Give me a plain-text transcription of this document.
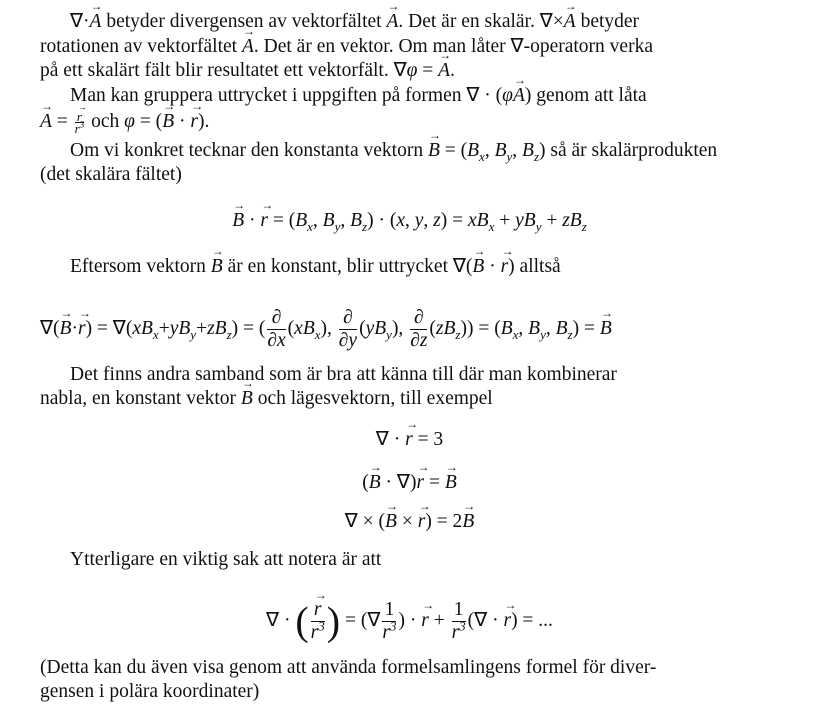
∇·A → betyder divergensen av vektorfältet A →. Det är en skalär. ∇×A → betyder
rotationen av vektorfältet A →. Det är en vektor. Om man låter ∇-operatorn verka
på ett skalärt fält blir resultatet ett vektorfält. ∇φ = A →.
Man kan gruppera uttrycket i uppgiften på formen ∇ · (φA →) genom att låta
A → = $\frac{r \to}{r^3}$ och φ = (B → · r →).
Om vi konkret tecknar den konstanta vektorn B → = ($B_x$, $B_y$, $B_z$) så är skalärprodukten
(det skalära fältet)
B → · r → = ($B_x$, $B_y$, $B_z) \cdot (x$, y, $z) = xB_x + yB_y + zB_z$
Eftersom vektorn B → är en konstant, blir uttrycket ∇(B → · r →) alltså
∇(B →·r →) = $\nabla(xB_x+yB_y+zB_z)$ = ( $\frac{\partial}{\partial x} (xB_x)$, $\frac{\partial}{\partial y} (yB_y)$, $\frac{\partial}{\partial z} (zB_z)) = (B_x$, $B_y$, $B_z) = B$ →
Det finns andra samband som är bra att känna till där man kombinerar
nabla, en konstant vektor B → och lägesvektorn, till exempel
∇ · r → = 3
(B → · ∇)r → = B →
∇ × (B → × r →) = 2B →
Ytterligare en viktig sak att notera är att
∇ · ( $\frac{r \to}{r^3}$ ) = (∇ $\frac{1}{r^3}$ ) · r → + $\frac{1}{r^3}$ (∇ · r →) = ...
(Detta kan du även visa genom att använda formelsamlingens formel för diver-
gensen i polära koordinater)
